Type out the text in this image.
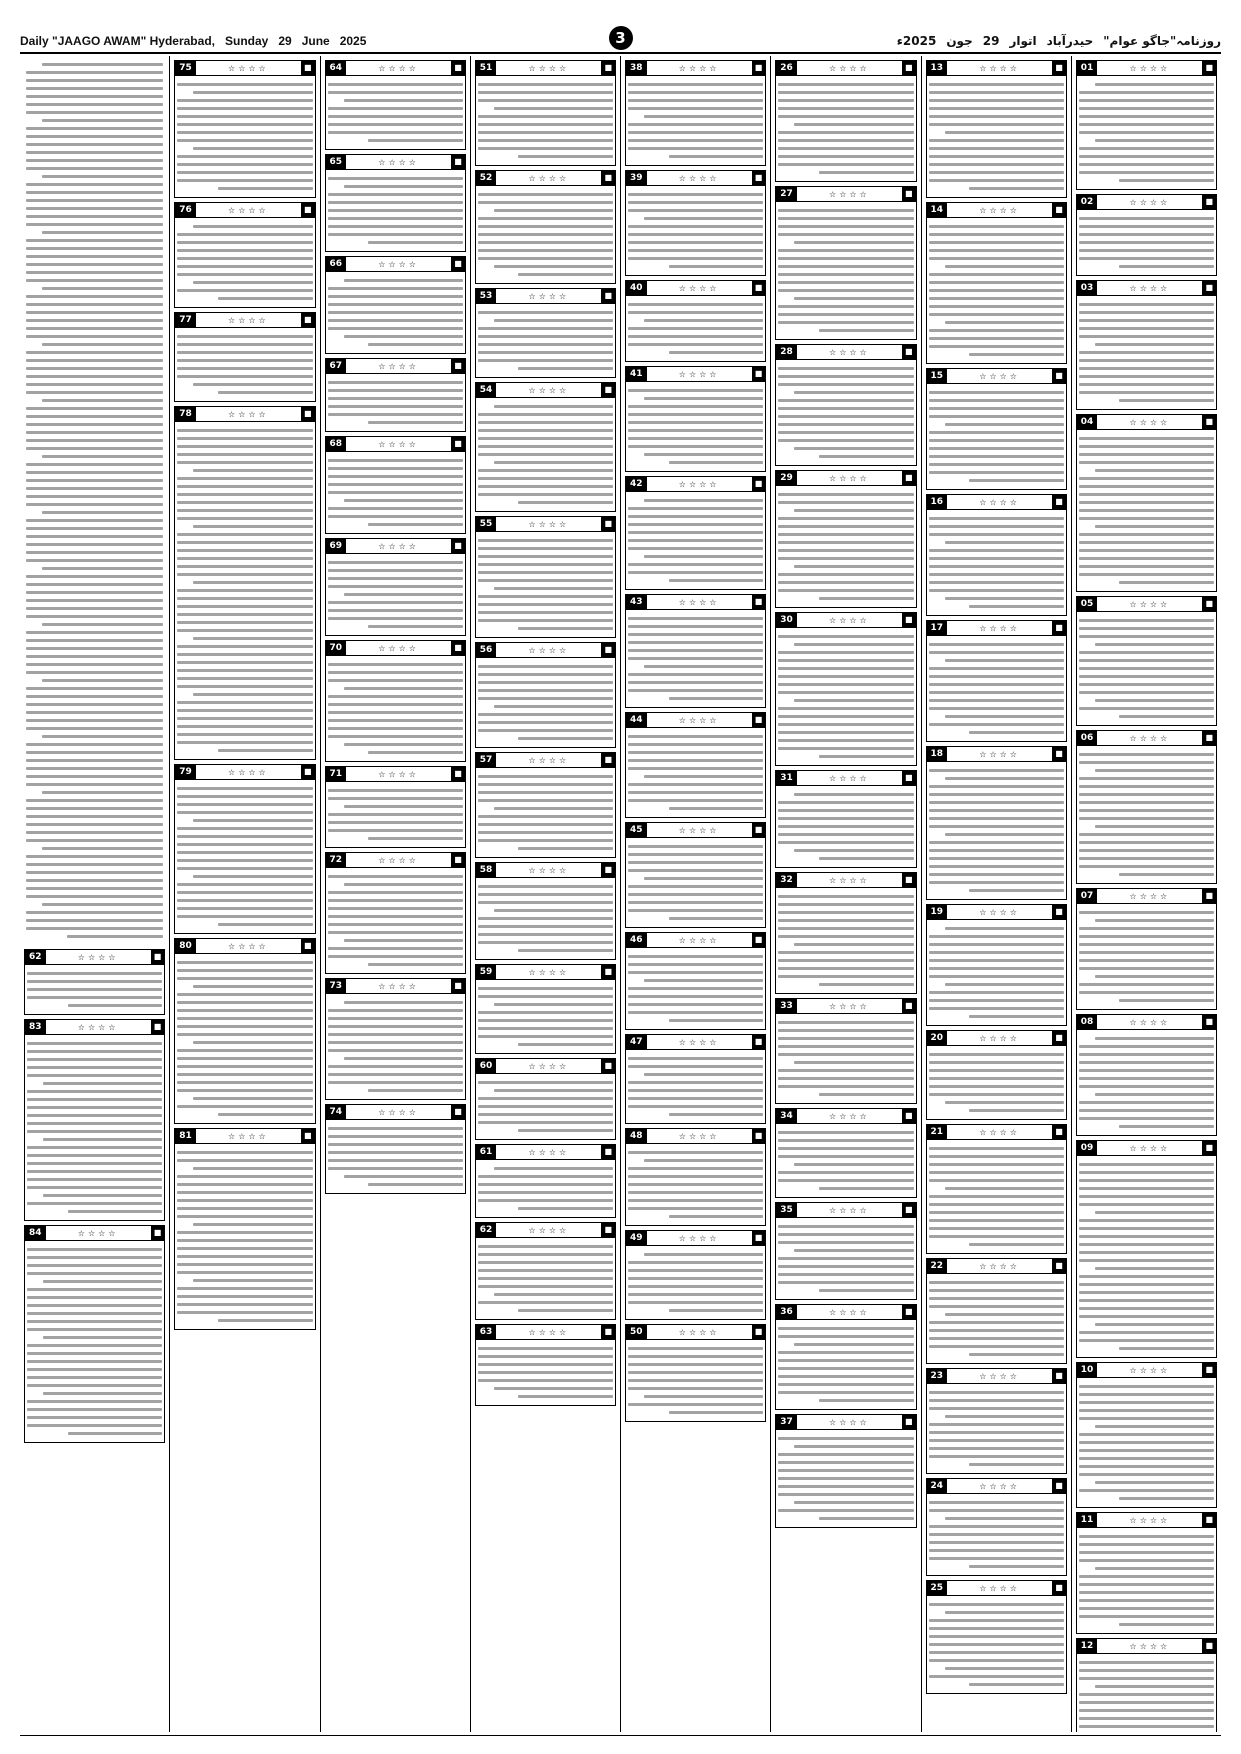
Daily "JAAGO AWAM" Hyderabad, Sunday 29 June 2025	3	روزنامہ"جاگو عوام"
حیدرآباد
اتوار
29
جون
2025ء
■
☆☆☆☆
01
■
☆☆☆☆
02
■
☆☆☆☆
03
■
☆☆☆☆
04
■
☆☆☆☆
05
■
☆☆☆☆
06
■
☆☆☆☆
07
■
☆☆☆☆
08
■
☆☆☆☆
09
■
☆☆☆☆
10
■
☆☆☆☆
11
■
☆☆☆☆
12
■
☆☆☆☆
13
■
☆☆☆☆
14
■
☆☆☆☆
15
■
☆☆☆☆
16
■
☆☆☆☆
17
■
☆☆☆☆
18
■
☆☆☆☆
19
■
☆☆☆☆
20
■
☆☆☆☆
21
■
☆☆☆☆
22
■
☆☆☆☆
23
■
☆☆☆☆
24
■
☆☆☆☆
25
■
☆☆☆☆
26
■
☆☆☆☆
27
■
☆☆☆☆
28
■
☆☆☆☆
29
■
☆☆☆☆
30
■
☆☆☆☆
31
■
☆☆☆☆
32
■
☆☆☆☆
33
■
☆☆☆☆
34
■
☆☆☆☆
35
■
☆☆☆☆
36
■
☆☆☆☆
37
■
☆☆☆☆
38
■
☆☆☆☆
39
■
☆☆☆☆
40
■
☆☆☆☆
41
■
☆☆☆☆
42
■
☆☆☆☆
43
■
☆☆☆☆
44
■
☆☆☆☆
45
■
☆☆☆☆
46
■
☆☆☆☆
47
■
☆☆☆☆
48
■
☆☆☆☆
49
■
☆☆☆☆
50
■
☆☆☆☆
51
■
☆☆☆☆
52
■
☆☆☆☆
53
■
☆☆☆☆
54
■
☆☆☆☆
55
■
☆☆☆☆
56
■
☆☆☆☆
57
■
☆☆☆☆
58
■
☆☆☆☆
59
■
☆☆☆☆
60
■
☆☆☆☆
61
■
☆☆☆☆
62
■
☆☆☆☆
63
■
☆☆☆☆
64
■
☆☆☆☆
65
■
☆☆☆☆
66
■
☆☆☆☆
67
■
☆☆☆☆
68
■
☆☆☆☆
69
■
☆☆☆☆
70
■
☆☆☆☆
71
■
☆☆☆☆
72
■
☆☆☆☆
73
■
☆☆☆☆
74
■
☆☆☆☆
75
■
☆☆☆☆
76
■
☆☆☆☆
77
■
☆☆☆☆
78
■
☆☆☆☆
79
■
☆☆☆☆
80
■
☆☆☆☆
81
■
☆☆☆☆
62
■
☆☆☆☆
83
■
☆☆☆☆
84
